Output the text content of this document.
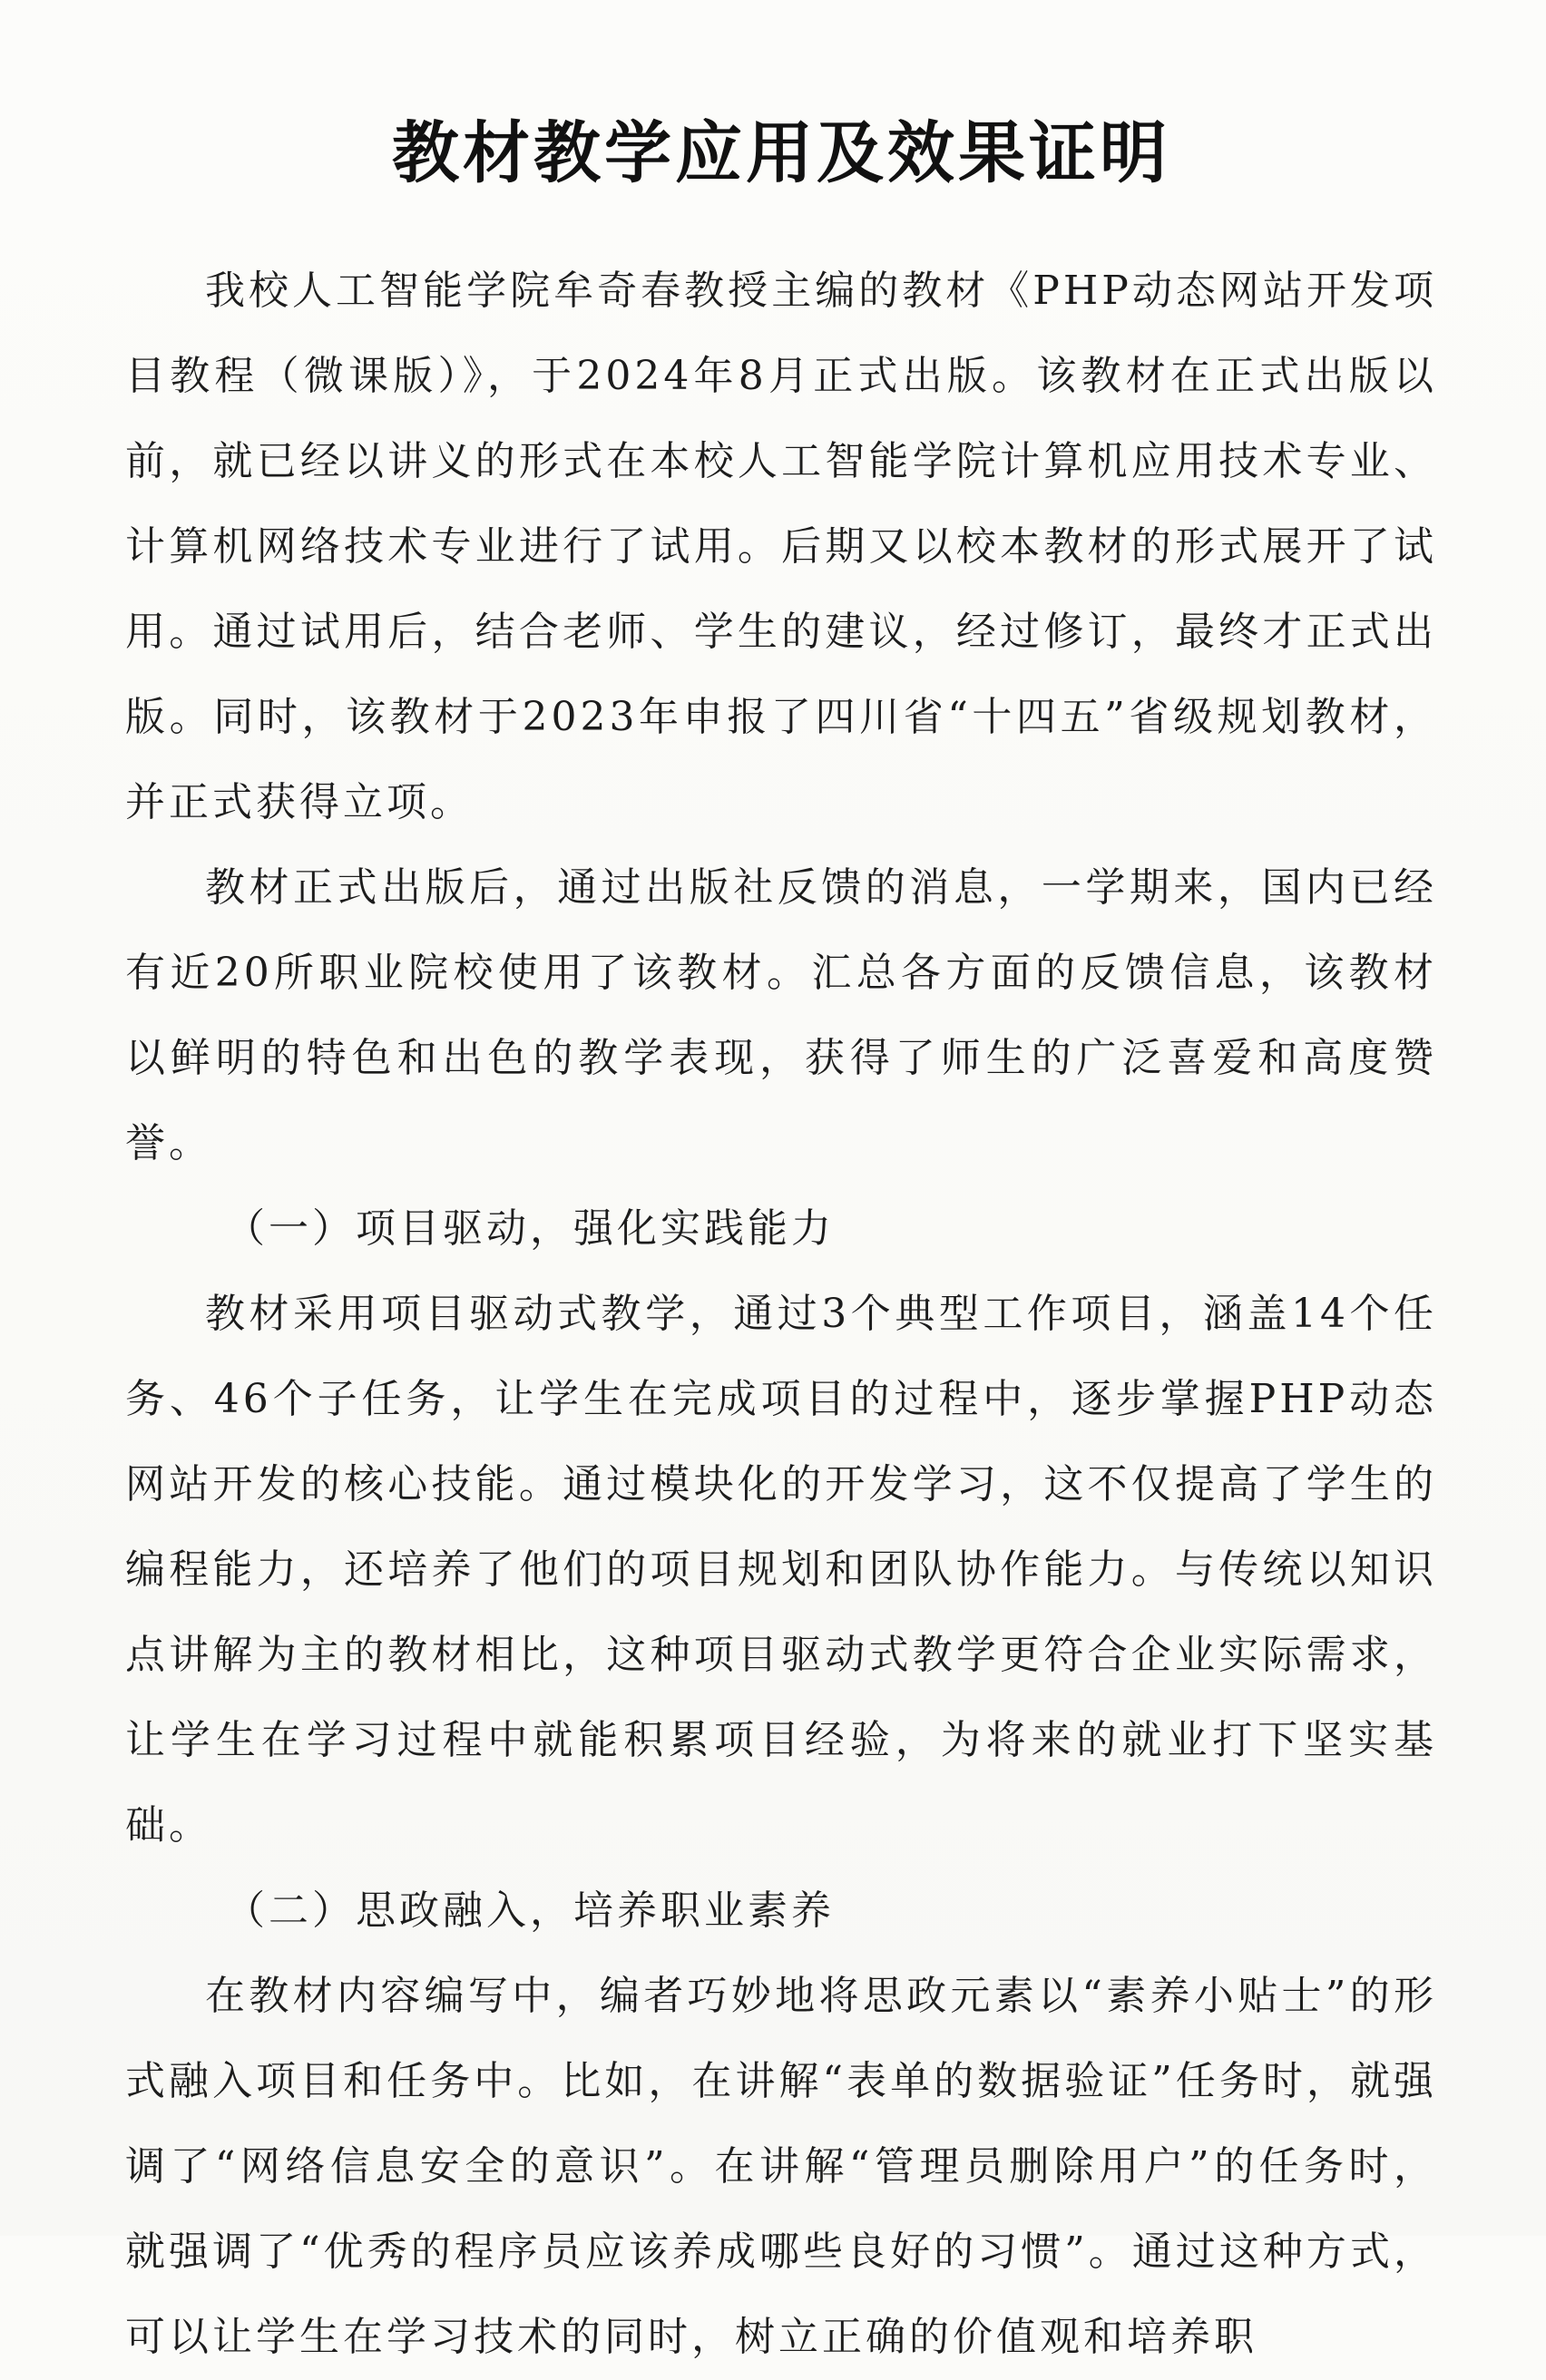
教材教学应用及效果证明

我校人工智能学院牟奇春教授主编的教材《PHP动态网站开发项目教程（微课版）》，于2024年8月正式出版。该教材在正式出版以前，就已经以讲义的形式在本校人工智能学院计算机应用技术专业、计算机网络技术专业进行了试用。后期又以校本教材的形式展开了试用。通过试用后，结合老师、学生的建议，经过修订，最终才正式出版。同时，该教材于2023年申报了四川省“十四五”省级规划教材，并正式获得立项。

教材正式出版后，通过出版社反馈的消息，一学期来，国内已经有近20所职业院校使用了该教材。汇总各方面的反馈信息，该教材以鲜明的特色和出色的教学表现，获得了师生的广泛喜爱和高度赞誉。

（一）项目驱动，强化实践能力

教材采用项目驱动式教学，通过3个典型工作项目，涵盖14个任务、46个子任务，让学生在完成项目的过程中，逐步掌握PHP动态网站开发的核心技能。通过模块化的开发学习，这不仅提高了学生的编程能力，还培养了他们的项目规划和团队协作能力。与传统以知识点讲解为主的教材相比，这种项目驱动式教学更符合企业实际需求，让学生在学习过程中就能积累项目经验，为将来的就业打下坚实基础。

（二）思政融入，培养职业素养

在教材内容编写中，编者巧妙地将思政元素以“素养小贴士”的形式融入项目和任务中。比如，在讲解“表单的数据验证”任务时，就强调了“网络信息安全的意识”。在讲解“管理员删除用户”的任务时，就强调了“优秀的程序员应该养成哪些良好的习惯”。通过这种方式，可以让学生在学习技术的同时，树立正确的价值观和培养职
